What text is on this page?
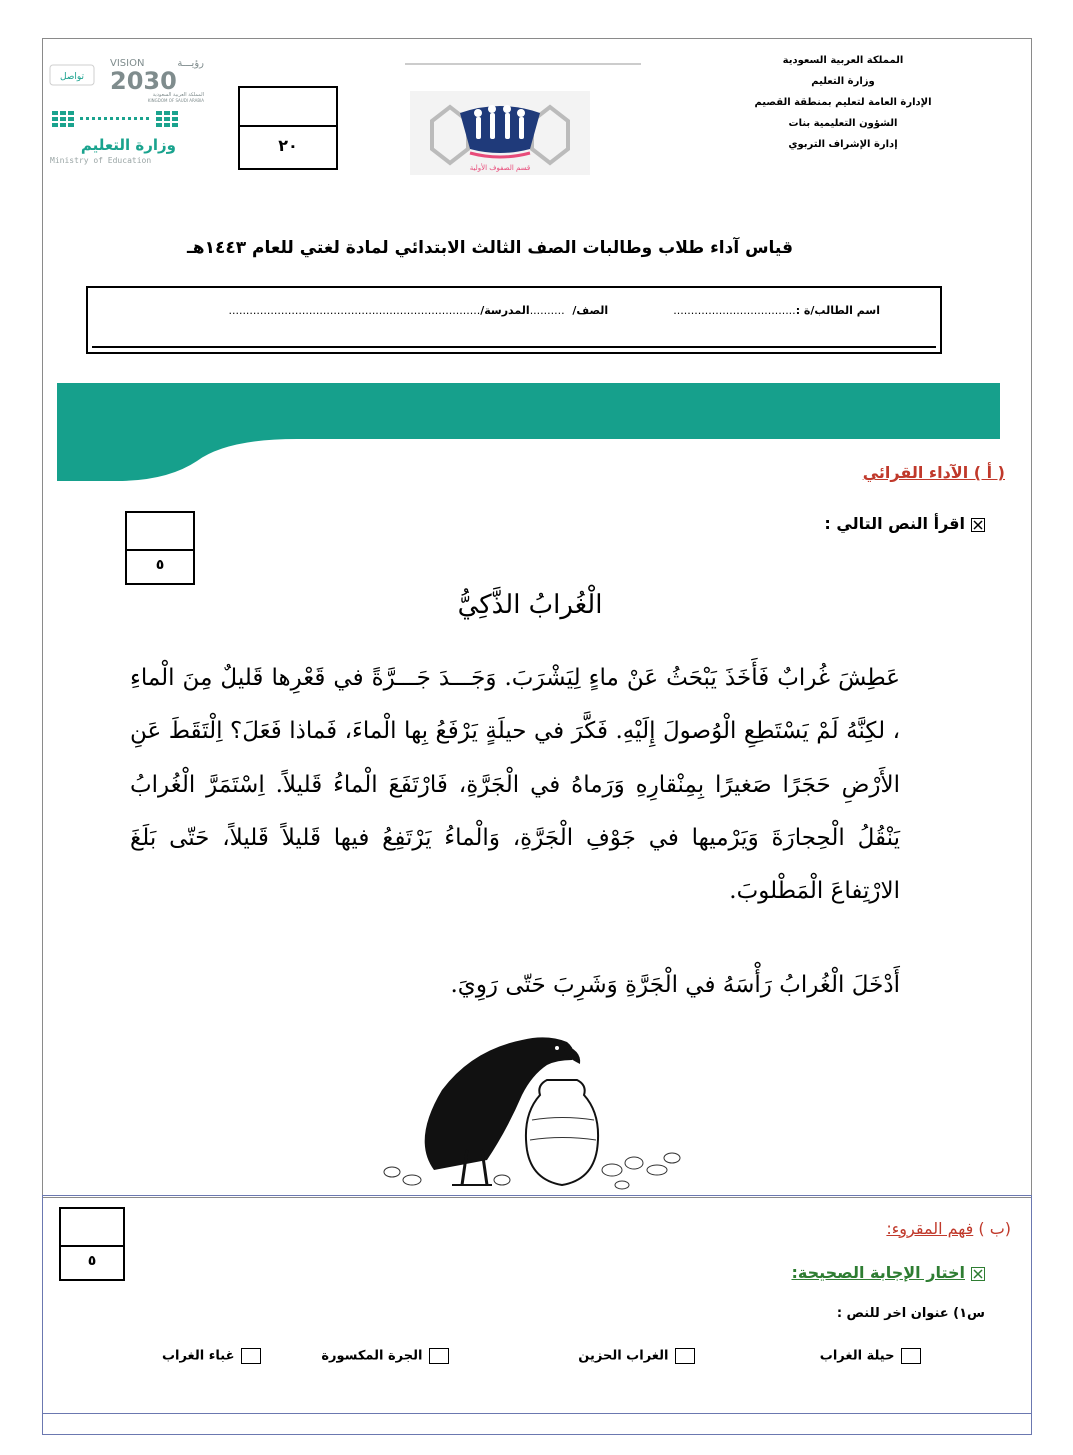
المملكة العربية السعودية
وزارة التعليم
الإدارة العامة لتعليم بمنطقة القصيم
الشؤون التعليمية بنات
إدارة الإشراف التربوي
قسم الصفوف الأولية
٢٠
VISION	رؤيـــة
2030
المملكة العربية السعودية
KINGDOM OF SAUDI ARABIA
تواصل
وزارة التعليم
Ministry of Education
قياس آداء طلاب وطالبات الصف الثالث الابتدائي لمادة لغتي للعام ١٤٤٣هـ
اسم الطالب/ة :...................................                 الصف/  ..........المدرسة/........................................................................
( أ ) الآداء القرائي
اقرأ النص التالي :
٥
الْغُرابُ الذَّكِيُّ
عَطِشَ غُرابٌ فَأَخَذَ يَبْحَثُ عَنْ ماءٍ لِيَشْرَبَ. وَجَـــدَ جَـــرَّةً في قَعْرِها قَليلٌ مِنَ الْماءِ ، لكِنَّهُ لَمْ يَسْتَطِعِ الْوُصولَ إِلَيْهِ. فَكَّرَ في حيلَةٍ يَرْفَعُ بِها الْماءَ، فَماذا فَعَلَ؟ اِلْتَقَطَ عَنِ الأَرْضِ حَجَرًا صَغيرًا بِمِنْقارِهِ وَرَماهُ في الْجَرَّةِ، فَارْتَفَعَ الْماءُ قَليلاً. اِسْتَمَرَّ الْغُرابُ يَنْقُلُ الْحِجارَةَ وَيَرْميها في جَوْفِ الْجَرَّةِ، وَالْماءُ يَرْتَفِعُ فيها قَليلاً قَليلاً، حَتّى بَلَغَ الارْتِفاعَ الْمَطْلوبَ.
أَدْخَلَ الْغُرابُ رَأْسَهُ في الْجَرَّةِ وَشَرِبَ حَتّى رَوِيَ.
(ب ) فهم المقروء:
٥
اختار الإجابة الصحيحة:
س١) عنوان اخر للنص :
حيلة الغراب
الغراب الحزين
الجرة المكسورة
غباء الغراب
